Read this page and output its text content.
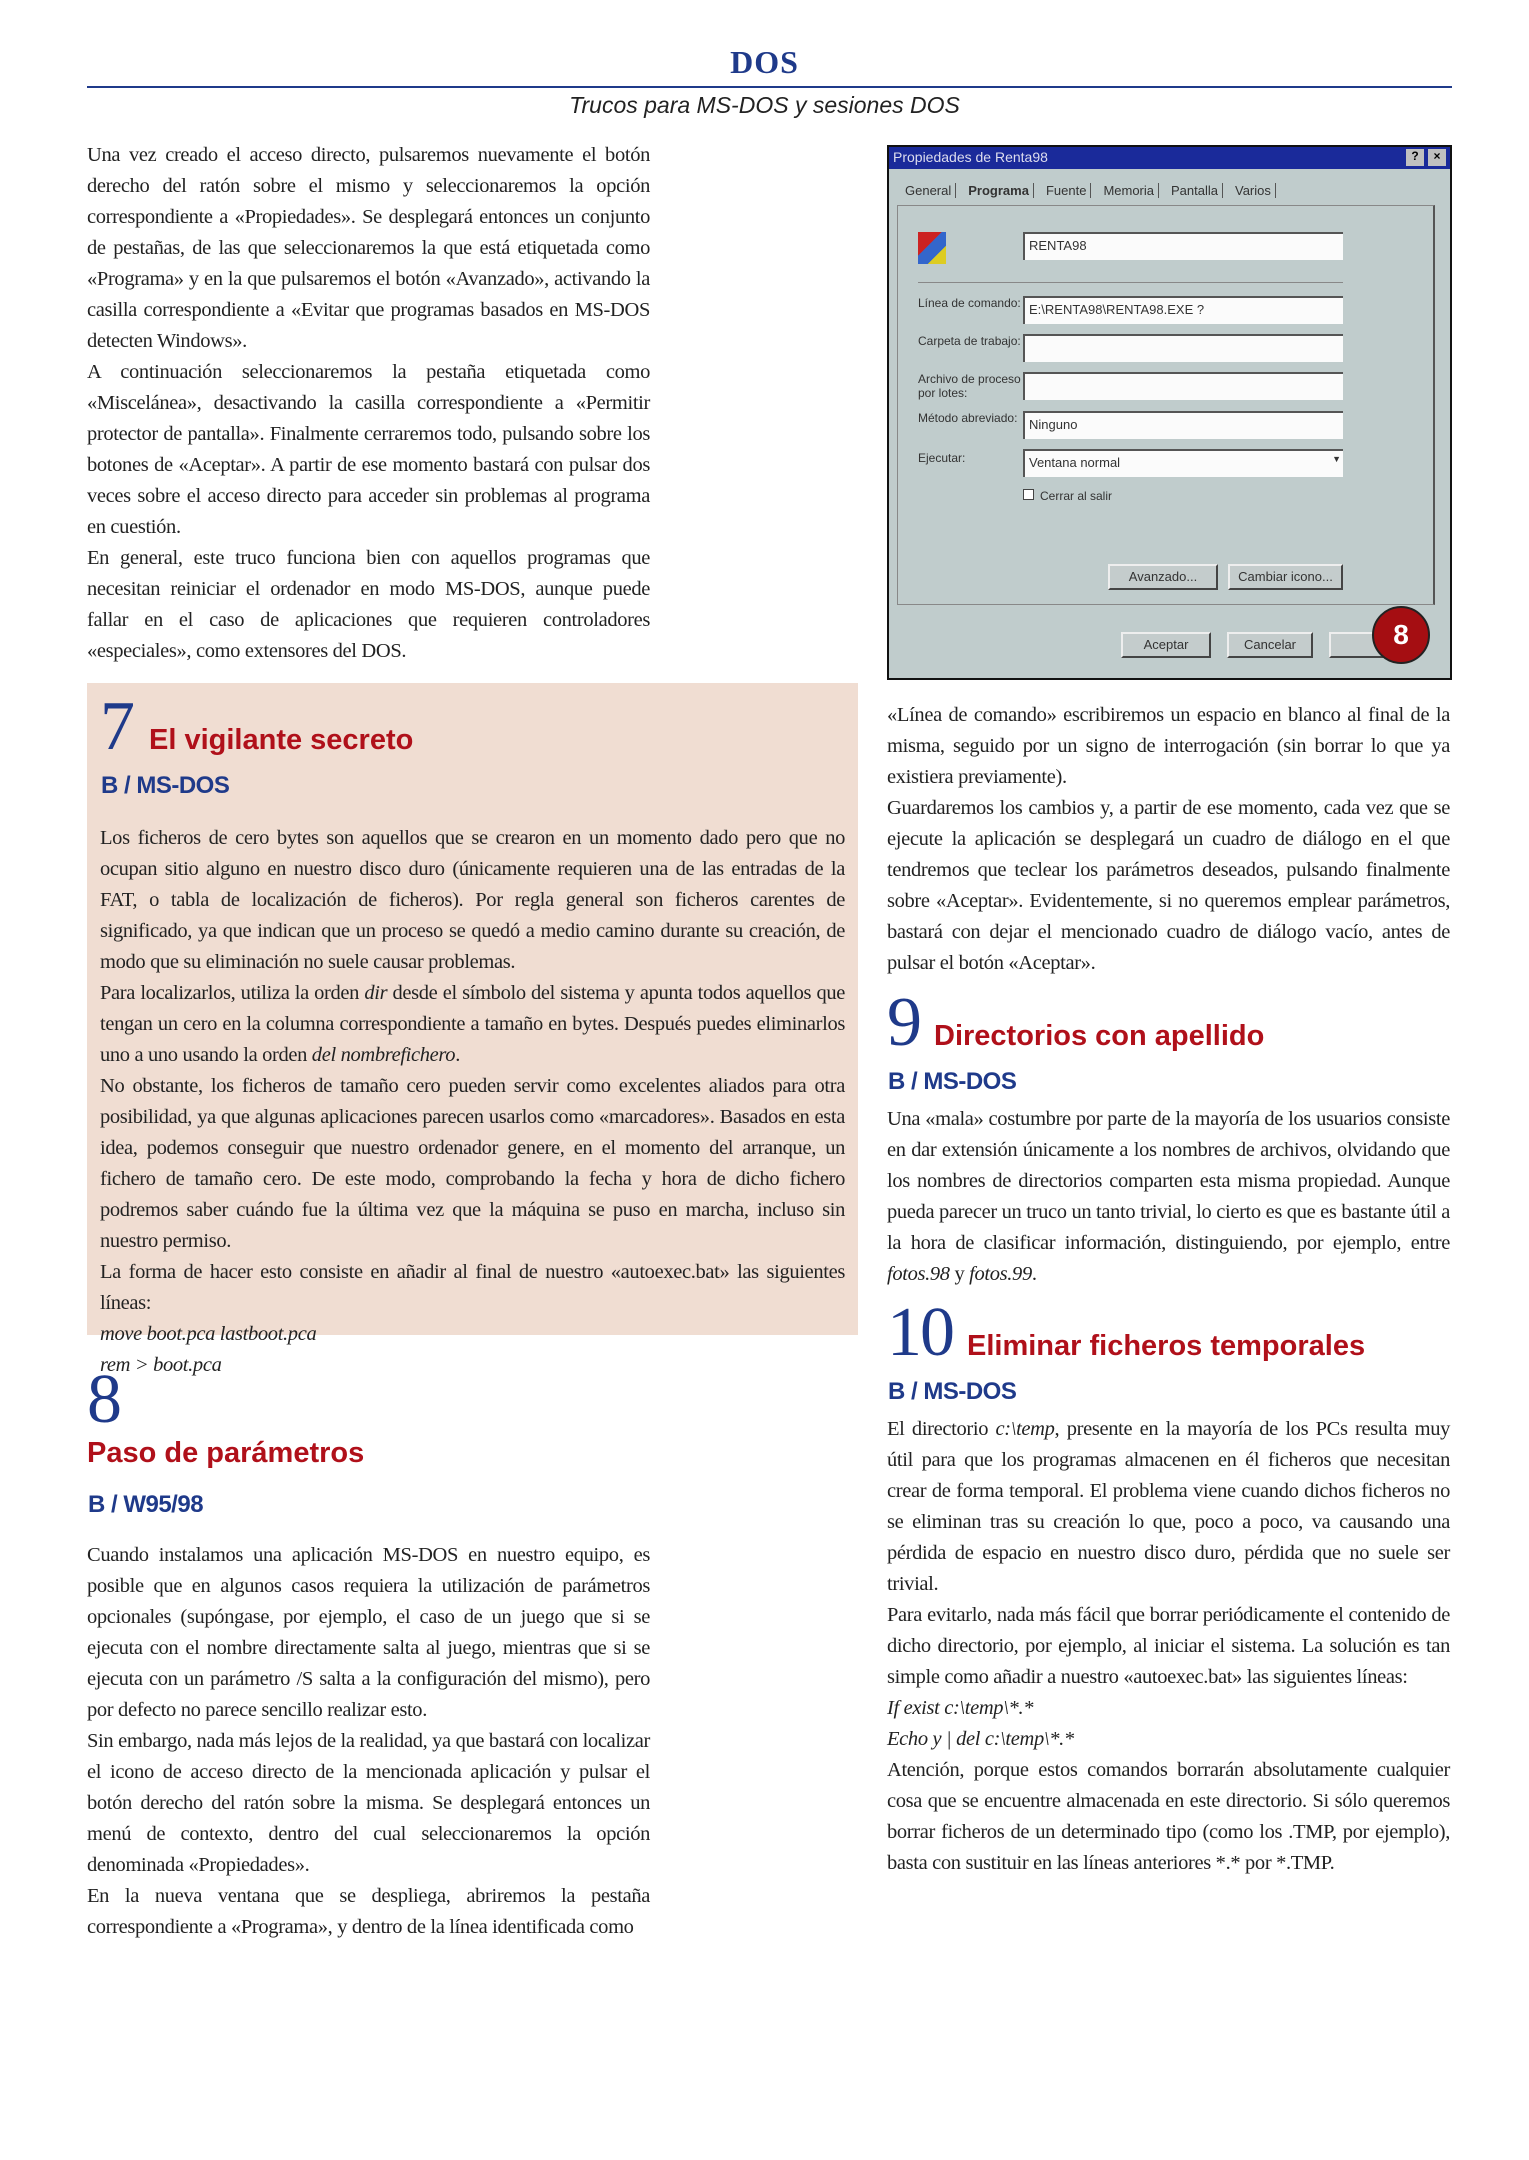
DOS
Trucos para MS-DOS y sesiones DOS

Una vez creado el acceso directo, pulsaremos nuevamente el botón derecho del ratón sobre el mismo y seleccionaremos la opción correspondiente a «Propiedades». Se desplegará entonces un conjunto de pestañas, de las que seleccionaremos la que está etiquetada como «Programa» y en la que pulsaremos el botón «Avanzado», activando la casilla correspondiente a «Evitar que programas basados en MS-DOS detecten Windows».

A continuación seleccionaremos la pestaña etiquetada como «Miscelánea», desactivando la casilla correspondiente a «Permitir protector de pantalla». Finalmente cerraremos todo, pulsando sobre los botones de «Aceptar». A partir de ese momento bastará con pulsar dos veces sobre el acceso directo para acceder sin problemas al programa en cuestión.

En general, este truco funciona bien con aquellos programas que necesitan reiniciar el ordenador en modo MS-DOS, aunque puede fallar en el caso de aplicaciones que requieren controladores «especiales», como extensores del DOS.

7 El vigilante secreto
B / MS-DOS

Los ficheros de cero bytes son aquellos que se crearon en un momento dado pero que no ocupan sitio alguno en nuestro disco duro (únicamente requieren una de las entradas de la FAT, o tabla de localización de ficheros). Por regla general son ficheros carentes de significado, ya que indican que un proceso se quedó a medio camino durante su creación, de modo que su eliminación no suele causar problemas.

Para localizarlos, utiliza la orden dir desde el símbolo del sistema y apunta todos aquellos que tengan un cero en la columna correspondiente a tamaño en bytes. Después puedes eliminarlos uno a uno usando la orden del nombrefichero.

No obstante, los ficheros de tamaño cero pueden servir como excelentes aliados para otra posibilidad, ya que algunas aplicaciones parecen usarlos como «marcadores». Basados en esta idea, podemos conseguir que nuestro ordenador genere, en el momento del arranque, un fichero de tamaño cero. De este modo, comprobando la fecha y hora de dicho fichero podremos saber cuándo fue la última vez que la máquina se puso en marcha, incluso sin nuestro permiso.

La forma de hacer esto consiste en añadir al final de nuestro «autoexec.bat» las siguientes líneas:

move boot.pca lastboot.pca

rem > boot.pca

8
Paso de parámetros
B / W95/98

Cuando instalamos una aplicación MS-DOS en nuestro equipo, es posible que en algunos casos requiera la utilización de parámetros opcionales (supóngase, por ejemplo, el caso de un juego que si se ejecuta con el nombre directamente salta al juego, mientras que si se ejecuta con un parámetro /S salta a la configuración del mismo), pero por defecto no parece sencillo realizar esto.

Sin embargo, nada más lejos de la realidad, ya que bastará con localizar el icono de acceso directo de la mencionada aplicación y pulsar el botón derecho del ratón sobre la misma. Se desplegará entonces un menú de contexto, dentro del cual seleccionaremos la opción denominada «Propiedades».

En la nueva ventana que se despliega, abriremos la pestaña correspondiente a «Programa», y dentro de la línea identificada como

Propiedades de Renta98	?	×
General	Programa	Fuente	Memoria	Pantalla	Varios
RENTA98
Línea de comando: E:\RENTA98\RENTA98.EXE ?
Carpeta de trabajo:
Archivo de proceso por lotes:
Método abreviado: Ninguno
Ejecutar:	Ventana normal	▼
Cerrar al salir
Avanzado...	Cambiar icono...
Aceptar	Cancelar	8

«Línea de comando» escribiremos un espacio en blanco al final de la misma, seguido por un signo de interrogación (sin borrar lo que ya existiera previamente).

Guardaremos los cambios y, a partir de ese momento, cada vez que se ejecute la aplicación se desplegará un cuadro de diálogo en el que tendremos que teclear los parámetros deseados, pulsando finalmente sobre «Aceptar». Evidentemente, si no queremos emplear parámetros, bastará con dejar el mencionado cuadro de diálogo vacío, antes de pulsar el botón «Aceptar».

9 Directorios con apellido
B / MS-DOS

Una «mala» costumbre por parte de la mayoría de los usuarios consiste en dar extensión únicamente a los nombres de archivos, olvidando que los nombres de directorios comparten esta misma propiedad. Aunque pueda parecer un truco un tanto trivial, lo cierto es que es bastante útil a la hora de clasificar información, distinguiendo, por ejemplo, entre fotos.98 y fotos.99.

10 Eliminar ficheros temporales
B / MS-DOS

El directorio c:\temp, presente en la mayoría de los PCs resulta muy útil para que los programas almacenen en él ficheros que necesitan crear de forma temporal. El problema viene cuando dichos ficheros no se eliminan tras su creación lo que, poco a poco, va causando una pérdida de espacio en nuestro disco duro, pérdida que no suele ser trivial.

Para evitarlo, nada más fácil que borrar periódicamente el contenido de dicho directorio, por ejemplo, al iniciar el sistema. La solución es tan simple como añadir a nuestro «autoexec.bat» las siguientes líneas:

If exist c:\temp\*.*

Echo y | del c:\temp\*.*

Atención, porque estos comandos borrarán absolutamente cualquier cosa que se encuentre almacenada en este directorio. Si sólo queremos borrar ficheros de un determinado tipo (como los .TMP, por ejemplo), basta con sustituir en las líneas anteriores *.* por *.TMP.
